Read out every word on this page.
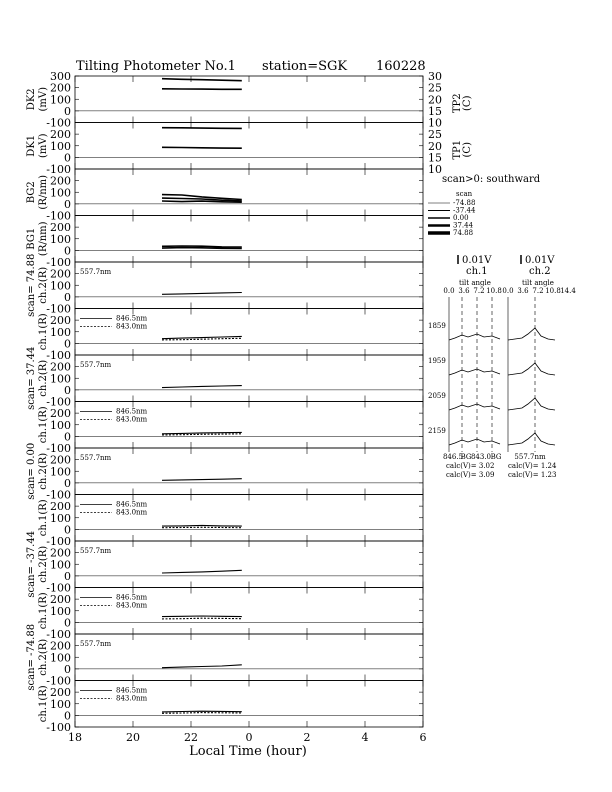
Tilting Photometer No.1 station=SGK 160228
-100
0
100
200
300
DK2 (mV)
-100
0
100
200
DK1 (mV)
-100
0
100
200
BG2 (R/nm)
-100
0
100
200
BG1 (R/nm)
-100
0
100
200
scan= 74.88 ch.2(R)	557.7nm
-100
0
100
200
ch.1(R)	846.5nm
843.0nm
-100
0
100
200
scan= 37.44 ch.2(R)	557.7nm
-100
0
100
200
ch.1(R)	846.5nm
843.0nm
-100
0
100
200
scan= 0.00 ch.2(R)	557.7nm
-100
0
100
200
ch.1(R)	846.5nm
843.0nm
-100
0
100
200
scan= -37.44 ch.2(R)	557.7nm
-100
0
100
200
ch.1(R)	846.5nm
843.0nm
-100
0
100
200
scan= -74.88 ch.2(R)	557.7nm
-100
0
100
200
ch.1(R)	846.5nm
843.0nm
18	20	22	0	2	4	6
Local Time (hour)
10
15
20
25
30
TP2 (C)
10
15
20
25
TP1 (C)
scan>0: southward
scan
-74.88
-37.44
0.00
37.44
74.88
0.01V
ch.1
tilt angle
0.01V
ch.2
tilt angle
calc(V)= 3.02
calc(V)= 3.09
calc(V)= 1.24
calc(V)= 1.23
0.0 3.6 7.2 10.8 0.0 3.6 7.2 10.8 14.4
1859
1959
2059
2159
846.5
BG 843.0 BG 557.7nm
